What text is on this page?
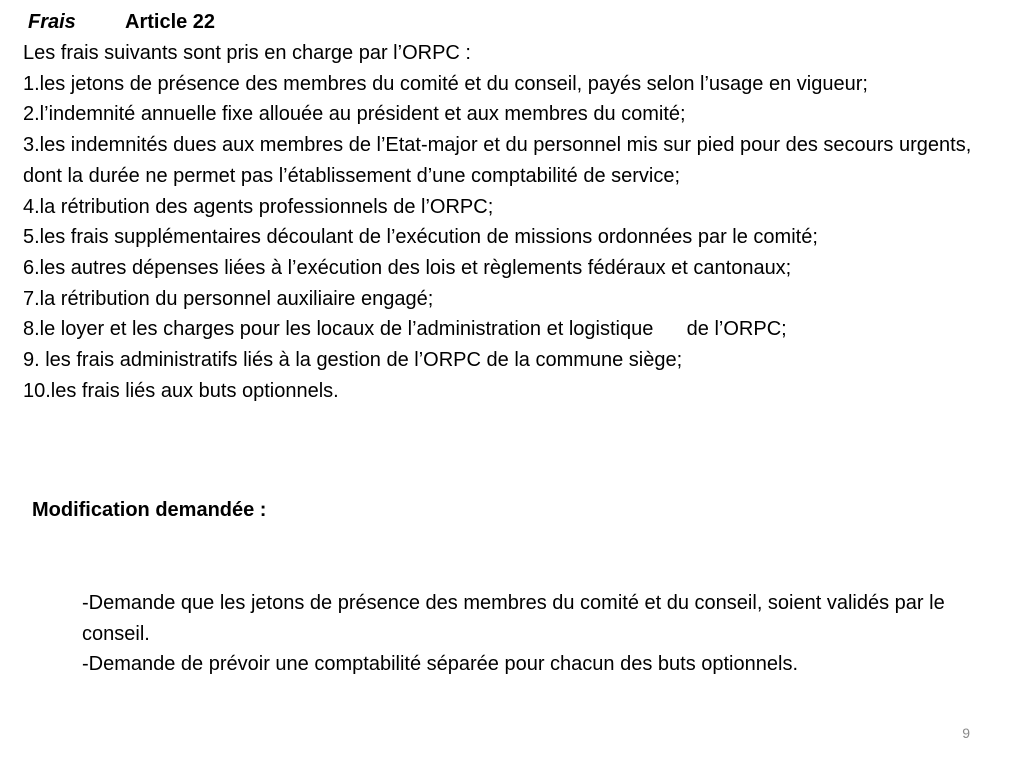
Frais Article 22
Les frais suivants sont pris en charge par l’ORPC :
1.les jetons de présence des membres du comité et du conseil, payés selon l’usage en vigueur;
2.l’indemnité annuelle fixe allouée au président et aux membres du comité;
3.les indemnités dues aux membres de l’Etat-major et du personnel mis sur pied pour des secours urgents, dont la durée ne permet pas l’établissement d’une comptabilité de service;
4.la rétribution des agents professionnels de l’ORPC;
5.les frais supplémentaires découlant de l’exécution de missions ordonnées par le comité;
6.les autres dépenses liées à l’exécution des lois et règlements fédéraux et cantonaux;
7.la rétribution du personnel auxiliaire engagé;
8.le loyer et les charges pour les locaux de l’administration et logistique      de l’ORPC;
9. les frais administratifs liés à la gestion de l’ORPC de la commune siège;
10.les frais liés aux buts optionnels.
Modification demandée :
-Demande que les jetons de présence des membres du comité et du conseil, soient validés par le conseil.
-Demande de prévoir une comptabilité séparée pour chacun des buts optionnels.
9
